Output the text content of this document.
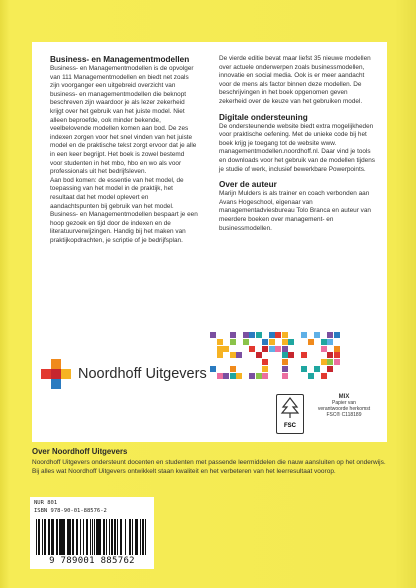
Business- en Managementmodellen

Business- en Managementmodellen is de opvolger van 111 Managementmodellen en biedt net zoals zijn voorganger een uitgebreid overzicht van business- en managementmodellen die beknopt beschreven zijn waardoor je als lezer zekerheid krijgt over het gebruik van het juiste model. Niet alleen beproefde, ook minder bekende, veelbelovende modellen komen aan bod. De zes indexen zorgen voor het snel vinden van het juiste model en de praktische tekst zorgt ervoor dat je alle in een keer begrijpt. Het boek is zowel bestemd voor studenten in het mbo, hbo en wo als voor professionals uit het bedrijfsleven.
Aan bod komen: de essentie van het model, de toepassing van het model in de praktijk, het resultaat dat het model oplevert en aandachtspunten bij gebruik van het model. Business- en Managementmodellen bespaart je een hoop gezoek en tijd door de indexen en de literatuurverwijzingen. Handig bij het maken van praktijkopdrachten, je scriptie of je bedrijfsplan.

De vierde editie bevat maar liefst 35 nieuwe modellen over actuele onderwerpen zoals businessmodellen, innovatie en social media. Ook is er meer aandacht voor de mens als factor binnen deze modellen. De beschrijvingen in het boek opgenomen geven zekerheid over de keuze van het gebruiken model.

Digitale ondersteuning

De ondersteunende website biedt extra mogelijkheden voor praktische oefening. Met de unieke code bij het boek krijg je toegang tot de website www. managementmodellen.noordhoff.nl. Daar vind je tools en downloads voor het gebruik van de modellen tijdens je studie of werk, inclusief bewerkbare Powerpoints.

Over de auteur

Marijn Mulders is als trainer en coach verbonden aan Avans Hogeschool, eigenaar van managementadviesbureau Tolo Branca en auteur van meerdere boeken over management- en businessmodellen.

Noordhoff Uitgevers
FSC
MIX
Papier van
verantwoorde herkomst
FSC® C118189
Over Noordhoff Uitgevers

Noordhoff Uitgevers ondersteunt docenten en studenten met passende leermiddelen die nauw aansluiten op het onderwijs. Bij alles wat Noordhoff Uitgevers ontwikkelt staan kwaliteit en het verbeteren van het leerresultaat voorop.

NUR 801
ISBN 978-90-01-88576-2
9 789001 885762
